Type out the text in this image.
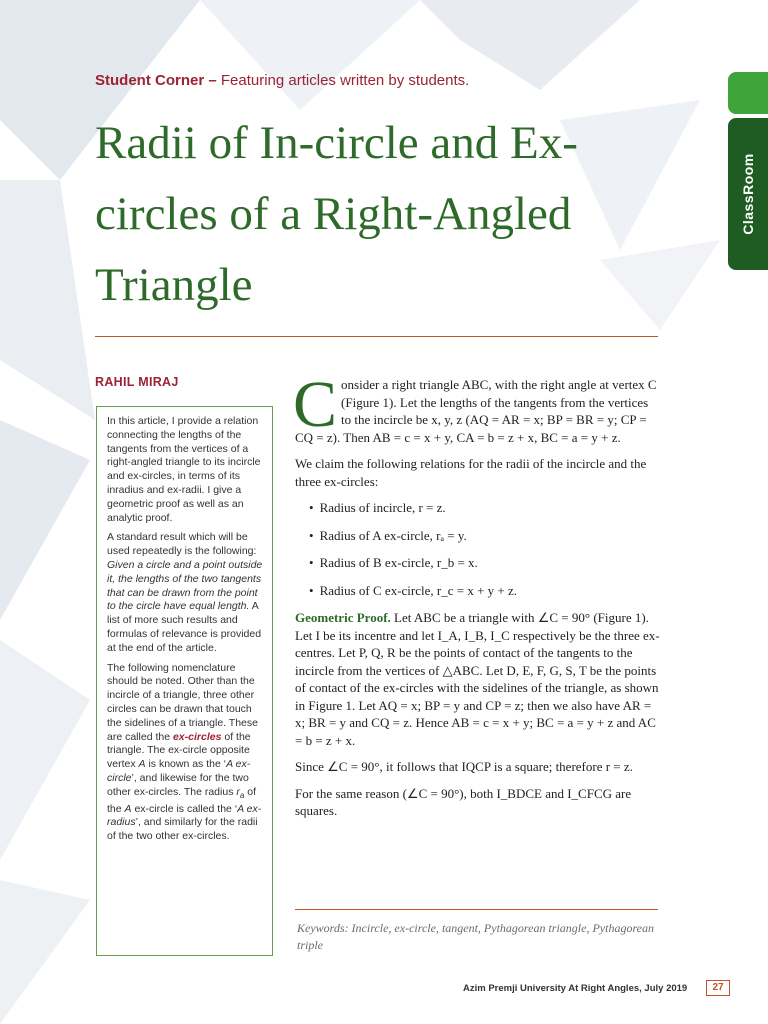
Student Corner – Featuring articles written by students.
Radii of In-circle and Ex-circles of a Right-Angled Triangle
ClassRoom
RAHIL MIRAJ

In this article, I provide a relation connecting the lengths of the tangents from the vertices of a right-angled triangle to its incircle and ex-circles, in terms of its inradius and ex-radii. I give a geometric proof as well as an analytic proof.

A standard result which will be used repeatedly is the following: Given a circle and a point outside it, the lengths of the two tangents that can be drawn from the point to the circle have equal length. A list of more such results and formulas of relevance is provided at the end of the article.

The following nomenclature should be noted. Other than the incircle of a triangle, three other circles can be drawn that touch the sidelines of a triangle. These are called the ex-circles of the triangle. The ex-circle opposite vertex A is known as the ‘A ex-circle’, and likewise for the two other ex-circles. The radius $r_a$ of the A ex-circle is called the ‘A ex-radius’, and similarly for the radii of the two other ex-circles.

Consider a right triangle ABC, with the right angle at vertex C (Figure 1). Let the lengths of the tangents from the vertices to the incircle be x, y, z (AQ = AR = x; BP = BR = y; CP = CQ = z). Then AB = c = x + y, CA = b = z + x, BC = a = y + z.

We claim the following relations for the radii of the incircle and the three ex-circles:

• Radius of incircle, r = z.
• Radius of A ex-circle, rₐ = y.
• Radius of B ex-circle, r_b = x.
• Radius of C ex-circle, r_c = x + y + z.

Geometric Proof. Let ABC be a triangle with ∠C = 90° (Figure 1). Let I be its incentre and let I_A, I_B, I_C respectively be the three ex-centres. Let P, Q, R be the points of contact of the tangents to the incircle from the vertices of △ABC. Let D, E, F, G, S, T be the points of contact of the ex-circles with the sidelines of the triangle, as shown in Figure 1. Let AQ = x; BP = y and CP = z; then we also have AR = x; BR = y and CQ = z. Hence AB = c = x + y; BC = a = y + z and AC = b = z + x.

Since ∠C = 90°, it follows that IQCP is a square; therefore r = z.

For the same reason (∠C = 90°), both I_BDCE and I_CFCG are squares.

Keywords: Incircle, ex-circle, tangent, Pythagorean triangle, Pythagorean triple
Azim Premji University At Right Angles, July 2019	27
